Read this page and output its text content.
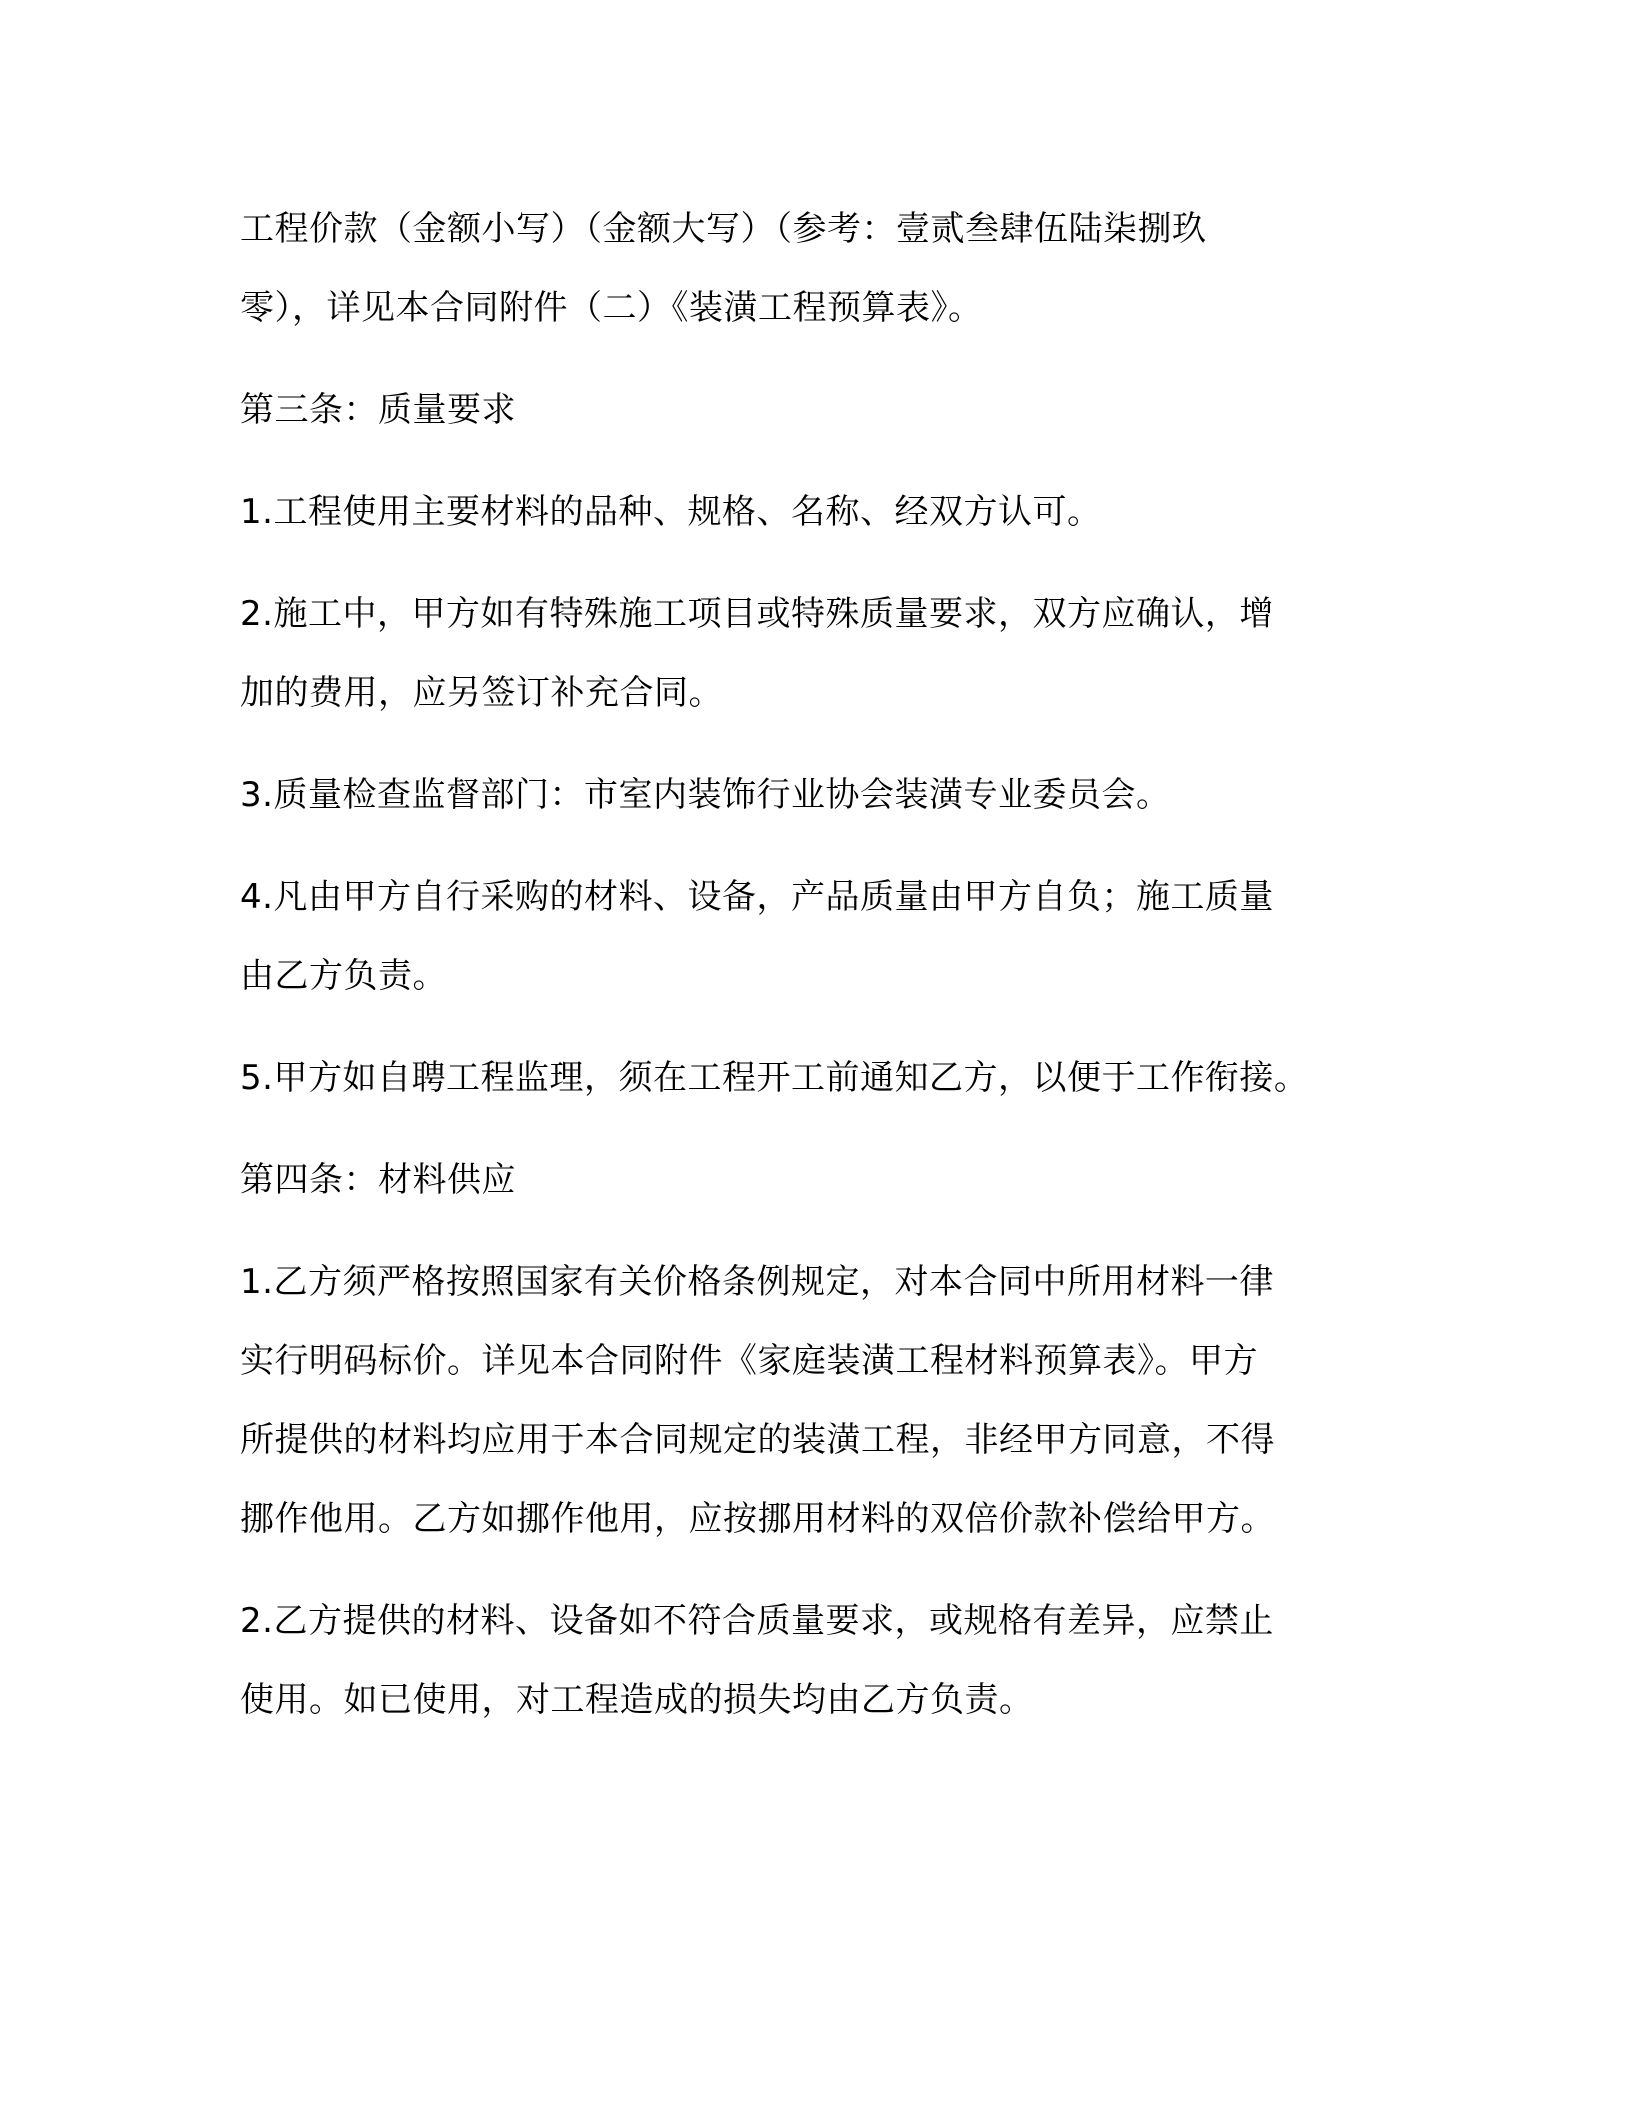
工程价款（金额小写）（金额大写）（参考：壹贰叁肆伍陆柒捌玖
零），详见本合同附件（二）《装潢工程预算表》。

第三条：质量要求

1.工程使用主要材料的品种、规格、名称、经双方认可。

2.施工中，甲方如有特殊施工项目或特殊质量要求，双方应确认，增
加的费用，应另签订补充合同。

3.质量检查监督部门：市室内装饰行业协会装潢专业委员会。

4.凡由甲方自行采购的材料、设备，产品质量由甲方自负；施工质量
由乙方负责。

5.甲方如自聘工程监理，须在工程开工前通知乙方，以便于工作衔接。

第四条：材料供应

1.乙方须严格按照国家有关价格条例规定，对本合同中所用材料一律
实行明码标价。详见本合同附件《家庭装潢工程材料预算表》。甲方
所提供的材料均应用于本合同规定的装潢工程，非经甲方同意，不得
挪作他用。乙方如挪作他用，应按挪用材料的双倍价款补偿给甲方。

2.乙方提供的材料、设备如不符合质量要求，或规格有差异，应禁止
使用。如已使用，对工程造成的损失均由乙方负责。
